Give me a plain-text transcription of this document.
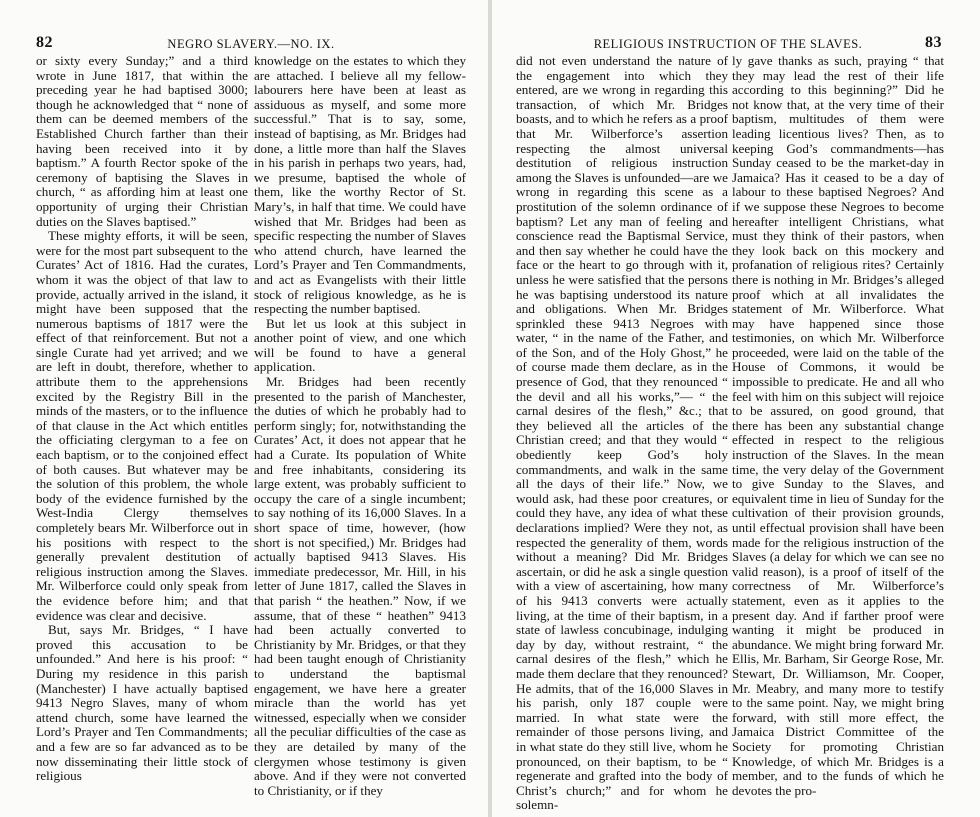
82	NEGRO SLAVERY.—NO. IX.

or sixty every Sunday;” and a third wrote in June 1817, that within the preceding year he had baptised 3000; though he acknowledged that “ none of them can be deemed members of the Established Church farther than their having been received into it by baptism.” A fourth Rector spoke of the ceremony of baptising the Slaves in church, “ as affording him at least one opportunity of urging their Christian duties on the Slaves baptised.”

These mighty efforts, it will be seen, were for the most part subsequent to the Curates’ Act of 1816. Had the curates, whom it was the object of that law to provide, actually arrived in the island, it might have been supposed that the numerous baptisms of 1817 were the effect of that reinforcement. But not a single Curate had yet arrived; and we are left in doubt, therefore, whether to attribute them to the apprehensions excited by the Registry Bill in the minds of the masters, or to the influence of that clause in the Act which entitles the officiating clergyman to a fee on each baptism, or to the conjoined effect of both causes. But whatever may be the solution of this problem, the whole body of the evidence furnished by the West-India Clergy themselves completely bears Mr. Wilberforce out in his positions with respect to the generally prevalent destitution of religious instruction among the Slaves. Mr. Wilberforce could only speak from the evidence before him; and that evidence was clear and decisive.

But, says Mr. Bridges, “ I have proved this accusation to be unfounded.” And here is his proof: “ During my residence in this parish (Manchester) I have actually baptised 9413 Negro Slaves, many of whom attend church, some have learned the Lord’s Prayer and Ten Commandments; and a few are so far advanced as to be now disseminating their little stock of religious

knowledge on the estates to which they are attached. I believe all my fellow-labourers here have been at least as assiduous as myself, and some more successful.” That is to say, some, instead of baptising, as Mr. Bridges had done, a little more than half the Slaves in his parish in perhaps two years, had, we presume, baptised the whole of them, like the worthy Rector of St. Mary’s, in half that time. We could have wished that Mr. Bridges had been as specific respecting the number of Slaves who attend church, have learned the Lord’s Prayer and Ten Commandments, and act as Evangelists with their little stock of religious knowledge, as he is respecting the number baptised.

But let us look at this subject in another point of view, and one which will be found to have a general application.

Mr. Bridges had been recently presented to the parish of Manchester, the duties of which he probably had to perform singly; for, notwithstanding the Curates’ Act, it does not appear that he had a Curate. Its population of White and free inhabitants, considering its large extent, was probably sufficient to occupy the care of a single incumbent; to say nothing of its 16,000 Slaves. In a short space of time, however, (how short is not specified,) Mr. Bridges had actually baptised 9413 Slaves. His immediate predecessor, Mr. Hill, in his letter of June 1817, called the Slaves in that parish “ the heathen.” Now, if we assume, that of these “ heathen” 9413 had been actually converted to Christianity by Mr. Bridges, or that they had been taught enough of Christianity to understand the baptismal engagement, we have here a greater miracle than the world has yet witnessed, especially when we consider all the peculiar difficulties of the case as they are detailed by many of the clergymen whose testimony is given above. And if they were not converted to Christianity, or if they

RELIGIOUS INSTRUCTION OF THE SLAVES.	83

did not even understand the nature of the engagement into which they entered, are we wrong in regarding this transaction, of which Mr. Bridges boasts, and to which he refers as a proof that Mr. Wilberforce’s assertion respecting the almost universal destitution of religious instruction among the Slaves is unfounded—are we wrong in regarding this scene as a prostitution of the solemn ordinance of baptism? Let any man of feeling and conscience read the Baptismal Service, and then say whether he could have the face or the heart to go through with it, unless he were satisfied that the persons he was baptising understood its nature and obligations. When Mr. Bridges sprinkled these 9413 Negroes with water, “ in the name of the Father, and of the Son, and of the Holy Ghost,” he of course made them declare, as in the presence of God, that they renounced “ the devil and all his works,”— “ the carnal desires of the flesh,” &c.; that they believed all the articles of the Christian creed; and that they would “ obediently keep God’s holy commandments, and walk in the same all the days of their life.” Now, we would ask, had these poor creatures, or could they have, any idea of what these declarations implied? Were they not, as respected the generality of them, words without a meaning? Did Mr. Bridges ascertain, or did he ask a single question with a view of ascertaining, how many of his 9413 converts were actually living, at the time of their baptism, in a state of lawless concubinage, indulging day by day, without restraint, “ the carnal desires of the flesh,” which he made them declare that they renounced? He admits, that of the 16,000 Slaves in his parish, only 187 couple were married. In what state were the remainder of those persons living, and in what state do they still live, whom he pronounced, on their baptism, to be “ regenerate and grafted into the body of Christ’s church;” and for whom he solemn-

ly gave thanks as such, praying “ that they may lead the rest of their life according to this beginning?” Did he not know that, at the very time of their baptism, multitudes of them were leading licentious lives? Then, as to keeping God’s commandments—has Sunday ceased to be the market-day in Jamaica? Has it ceased to be a day of labour to these baptised Negroes? And if we suppose these Negroes to become hereafter intelligent Christians, what must they think of their pastors, when they look back on this mockery and profanation of religious rites? Certainly there is nothing in Mr. Bridges’s alleged proof which at all invalidates the statement of Mr. Wilberforce. What may have happened since those testimonies, on which Mr. Wilberforce proceeded, were laid on the table of the House of Commons, it would be impossible to predicate. He and all who feel with him on this subject will rejoice to be assured, on good ground, that there has been any substantial change effected in respect to the religious instruction of the Slaves. In the mean time, the very delay of the Government to give Sunday to the Slaves, and equivalent time in lieu of Sunday for the cultivation of their provision grounds, until effectual provision shall have been made for the religious instruction of the Slaves (a delay for which we can see no valid reason), is a proof of itself of the correctness of Mr. Wilberforce’s statement, even as it applies to the present day. And if farther proof were wanting it might be produced in abundance. We might bring forward Mr. Ellis, Mr. Barham, Sir George Rose, Mr. Stewart, Dr. Williamson, Mr. Cooper, Mr. Meabry, and many more to testify to the same point. Nay, we might bring forward, with still more effect, the Jamaica District Committee of the Society for promoting Christian Knowledge, of which Mr. Bridges is a member, and to the funds of which he devotes the pro-
